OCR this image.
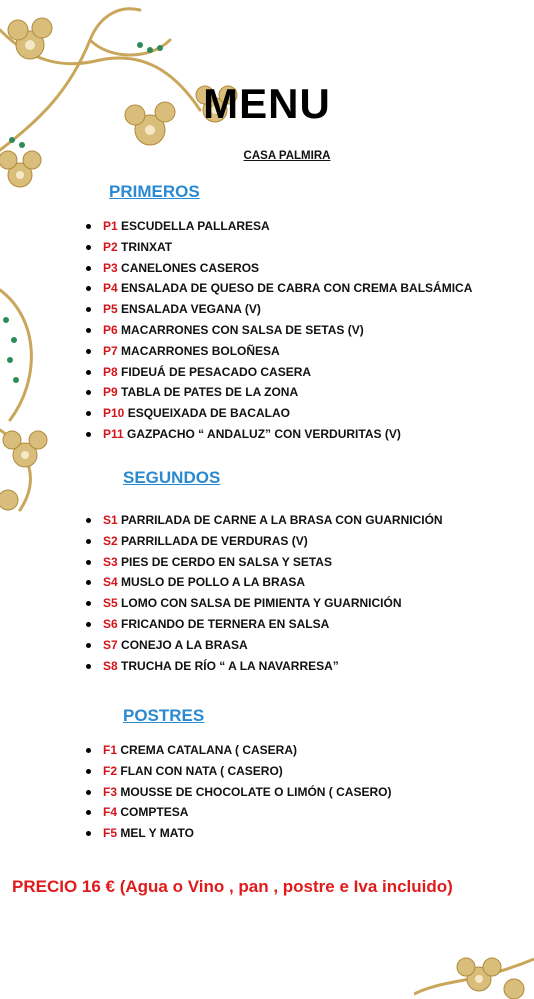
MENU
CASA PALMIRA
PRIMEROS
P1 ESCUDELLA PALLARESA
P2 TRINXAT
P3 CANELONES CASEROS
P4 ENSALADA DE QUESO DE CABRA CON CREMA BALSÁMICA
P5 ENSALADA VEGANA (V)
P6 MACARRONES CON SALSA DE SETAS (V)
P7 MACARRONES BOLOÑESA
P8 FIDEUÁ DE PESACADO CASERA
P9 TABLA DE PATES DE LA ZONA
P10 ESQUEIXADA DE BACALAO
P11 GAZPACHO “ ANDALUZ” CON VERDURITAS (V)
SEGUNDOS
S1 PARRILADA DE CARNE A LA BRASA CON GUARNICIÓN
S2 PARRILLADA DE VERDURAS (V)
S3 PIES DE CERDO EN SALSA Y SETAS
S4 MUSLO DE POLLO A LA BRASA
S5 LOMO CON SALSA DE PIMIENTA Y GUARNICIÓN
S6 FRICANDO DE TERNERA EN SALSA
S7 CONEJO A LA BRASA
S8 TRUCHA DE RÍO “ A LA NAVARRESA”
POSTRES
F1 CREMA CATALANA ( CASERA)
F2 FLAN CON NATA ( CASERO)
F3 MOUSSE DE CHOCOLATE O LIMÓN ( CASERO)
F4 COMPTESA
F5 MEL Y MATO
PRECIO 16 € (Agua o Vino , pan , postre e Iva incluido)
